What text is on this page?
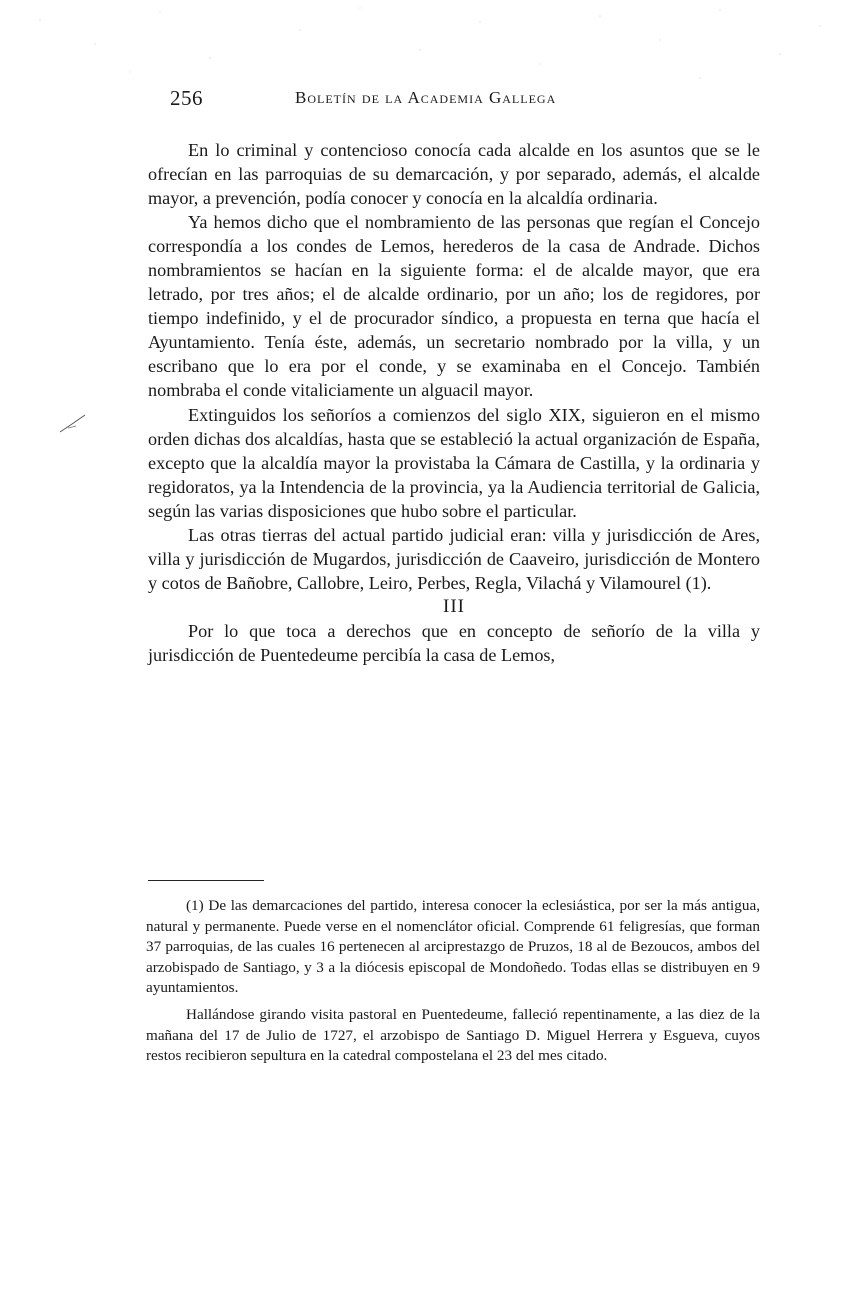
256	Boletín de la Academia Gallega

En lo criminal y contencioso conocía cada alcalde en los asuntos que se le ofrecían en las parroquias de su demarcación, y por separado, además, el alcalde mayor, a prevención, podía conocer y conocía en la alcaldía ordinaria.

Ya hemos dicho que el nombramiento de las personas que regían el Concejo correspondía a los condes de Lemos, herederos de la casa de Andrade. Dichos nombramientos se hacían en la siguiente forma: el de alcalde mayor, que era letrado, por tres años; el de alcalde ordinario, por un año; los de regidores, por tiempo indefinido, y el de procurador síndico, a propuesta en terna que hacía el Ayuntamiento. Tenía éste, además, un secretario nombrado por la villa, y un escribano que lo era por el conde, y se examinaba en el Concejo. También nombraba el conde vitaliciamente un alguacil mayor.

Extinguidos los señoríos a comienzos del siglo XIX, siguieron en el mismo orden dichas dos alcaldías, hasta que se estableció la actual organización de España, excepto que la alcaldía mayor la provistaba la Cámara de Castilla, y la ordinaria y regidoratos, ya la Intendencia de la provincia, ya la Audiencia territorial de Galicia, según las varias disposiciones que hubo sobre el particular.

Las otras tierras del actual partido judicial eran: villa y jurisdicción de Ares, villa y jurisdicción de Mugardos, jurisdicción de Caaveiro, jurisdicción de Montero y cotos de Bañobre, Callobre, Leiro, Perbes, Regla, Vilachá y Vilamourel (1).

III

Por lo que toca a derechos que en concepto de señorío de la villa y jurisdicción de Puentedeume percibía la casa de Lemos,

(1) De las demarcaciones del partido, interesa conocer la eclesiástica, por ser la más antigua, natural y permanente. Puede verse en el nomenclátor oficial. Comprende 61 feligresías, que forman 37 parroquias, de las cuales 16 pertenecen al arciprestazgo de Pruzos, 18 al de Bezoucos, ambos del arzobispado de Santiago, y 3 a la diócesis episcopal de Mondoñedo. Todas ellas se distribuyen en 9 ayuntamientos.

Hallándose girando visita pastoral en Puentedeume, falleció repentinamente, a las diez de la mañana del 17 de Julio de 1727, el arzobispo de Santiago D. Miguel Herrera y Esgueva, cuyos restos recibieron sepultura en la catedral compostelana el 23 del mes citado.
